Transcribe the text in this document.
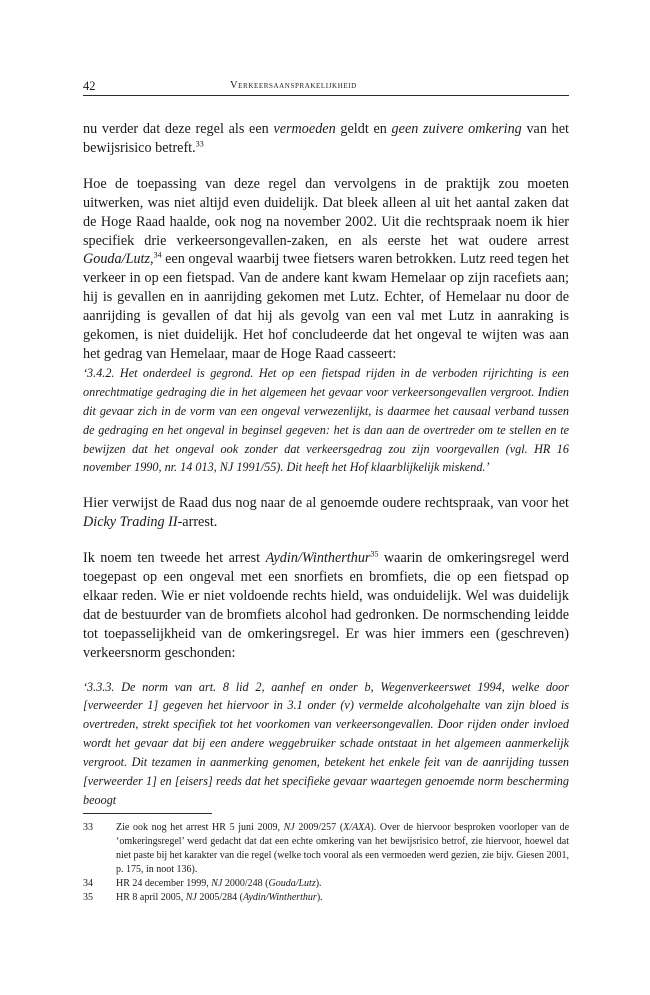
42	Verkeersaansprakelijkheid

nu verder dat deze regel als een vermoeden geldt en geen zuivere omkering van het bewijsrisico betreft.$^{33}$

Hoe de toepassing van deze regel dan vervolgens in de praktijk zou moeten uitwerken, was niet altijd even duidelijk. Dat bleek alleen al uit het aantal zaken dat de Hoge Raad haalde, ook nog na november 2002. Uit die rechtspraak noem ik hier specifiek drie verkeersongevallen-zaken, en als eerste het wat oudere arrest Gouda/Lutz,$^{34}$ een ongeval waarbij twee fietsers waren betrokken. Lutz reed tegen het verkeer in op een fietspad. Van de andere kant kwam Hemelaar op zijn racefiets aan; hij is gevallen en in aanrijding gekomen met Lutz. Echter, of Hemelaar nu door de aanrijding is gevallen of dat hij als gevolg van een val met Lutz in aanraking is gekomen, is niet duidelijk. Het hof concludeerde dat het ongeval te wijten was aan het gedrag van Hemelaar, maar de Hoge Raad casseert:

‘3.4.2. Het onderdeel is gegrond. Het op een fietspad rijden in de verboden rijrichting is een onrechtmatige gedraging die in het algemeen het gevaar voor verkeersongevallen vergroot. Indien dit gevaar zich in de vorm van een ongeval verwezenlijkt, is daarmee het causaal verband tussen de gedraging en het ongeval in beginsel gegeven: het is dan aan de overtreder om te stellen en te bewijzen dat het ongeval ook zonder dat verkeersgedrag zou zijn voorgevallen (vgl. HR 16 november 1990, nr. 14 013, NJ 1991/55). Dit heeft het Hof klaarblijkelijk miskend.’

Hier verwijst de Raad dus nog naar de al genoemde oudere rechtspraak, van voor het Dicky Trading II-arrest.

Ik noem ten tweede het arrest Aydin/Wintherthur$^{35}$ waarin de omkeringsregel werd toegepast op een ongeval met een snorfiets en bromfiets, die op een fietspad op elkaar reden. Wie er niet voldoende rechts hield, was onduidelijk. Wel was duidelijk dat de bestuurder van de bromfiets alcohol had gedronken. De normschending leidde tot toepasselijkheid van de omkeringsregel. Er was hier immers een (geschreven) verkeersnorm geschonden:

‘3.3.3. De norm van art. 8 lid 2, aanhef en onder b, Wegenverkeerswet 1994, welke door [verweerder 1] gegeven het hiervoor in 3.1 onder (v) vermelde alcoholgehalte van zijn bloed is overtreden, strekt specifiek tot het voorkomen van verkeersongevallen. Door rijden onder invloed wordt het gevaar dat bij een andere weggebruiker schade ontstaat in het algemeen aanmerkelijk vergroot. Dit tezamen in aanmerking genomen, betekent het enkele feit van de aanrijding tussen [verweerder 1] en [eisers] reeds dat het specifieke gevaar waartegen genoemde norm bescherming beoogt

33	Zie ook nog het arrest HR 5 juni 2009, NJ 2009/257 (X/AXA). Over de hiervoor besproken voorloper van de ‘omkeringsregel’ werd gedacht dat dat een echte omkering van het bewijsrisico betrof, zie hiervoor, hoewel dat niet paste bij het karakter van die regel (welke toch vooral als een vermoeden werd gezien, zie bijv. Giesen 2001, p. 175, in noot 136).
34	HR 24 december 1999, NJ 2000/248 (Gouda/Lutz).
35	HR 8 april 2005, NJ 2005/284 (Aydin/Wintherthur).
